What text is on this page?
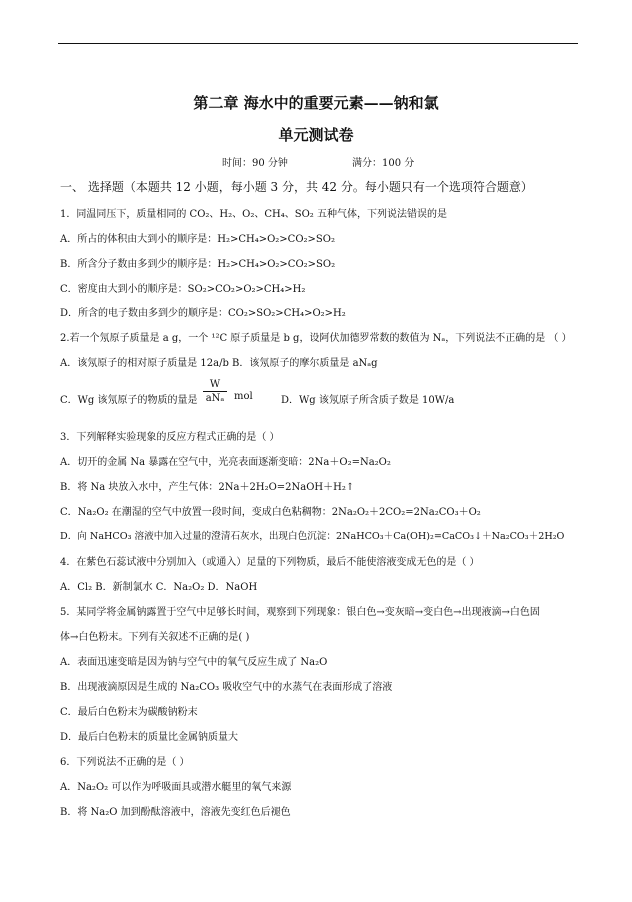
第二章 海水中的重要元素——钠和氯
单元测试卷
时间：90 分钟	满分：100 分
一、 选择题（本题共 12 小题，每小题 3 分，共 42 分。每小题只有一个选项符合题意）
1．同温同压下，质量相同的 CO₂、H₂、O₂、CH₄、SO₂ 五种气体，下列说法错误的是
A．所占的体积由大到小的顺序是：H₂>CH₄>O₂>CO₂>SO₂
B．所含分子数由多到少的顺序是：H₂>CH₄>O₂>CO₂>SO₂
C．密度由大到小的顺序是：SO₂>CO₂>O₂>CH₄>H₂
D．所含的电子数由多到少的顺序是：CO₂>SO₂>CH₄>O₂>H₂
2.若一个氖原子质量是 a g，一个 ¹²C 原子质量是 b g，设阿伏加德罗常数的数值为 Nₐ，下列说法不正确的是 （ ）
A．该氖原子的相对原子质量是 12a/b B．该氖原子的摩尔质量是 aNₐg
C．Wg 该氖原子的物质的量是
W
aNₐ mol	D．Wg 该氖原子所含质子数是 10W/a
3．下列解释实验现象的反应方程式正确的是（ ）
A．切开的金属 Na 暴露在空气中，光亮表面逐渐变暗：2Na＋O₂=Na₂O₂
B．将 Na 块放入水中，产生气体：2Na＋2H₂O=2NaOH＋H₂↑
C．Na₂O₂ 在潮湿的空气中放置一段时间，变成白色粘稠物：2Na₂O₂＋2CO₂=2Na₂CO₃＋O₂
D．向 NaHCO₃ 溶液中加入过量的澄清石灰水，出现白色沉淀：2NaHCO₃＋Ca(OH)₂=CaCO₃↓＋Na₂CO₃＋2H₂O
4．在紫色石蕊试液中分别加入（或通入）足量的下列物质，最后不能使溶液变成无色的是（ ）
A．Cl₂ B．新制氯水 C．Na₂O₂ D．NaOH
5．某同学将金属钠露置于空气中足够长时间，观察到下列现象：银白色→变灰暗→变白色→出现液滴→白色固
体→白色粉末。下列有关叙述不正确的是( )
A．表面迅速变暗是因为钠与空气中的氧气反应生成了 Na₂O
B．出现液滴原因是生成的 Na₂CO₃ 吸收空气中的水蒸气在表面形成了溶液
C．最后白色粉末为碳酸钠粉末
D．最后白色粉末的质量比金属钠质量大
6．下列说法不正确的是（ ）
A．Na₂O₂ 可以作为呼吸面具或潜水艇里的氧气来源
B．将 Na₂O 加到酚酞溶液中，溶液先变红色后褪色
